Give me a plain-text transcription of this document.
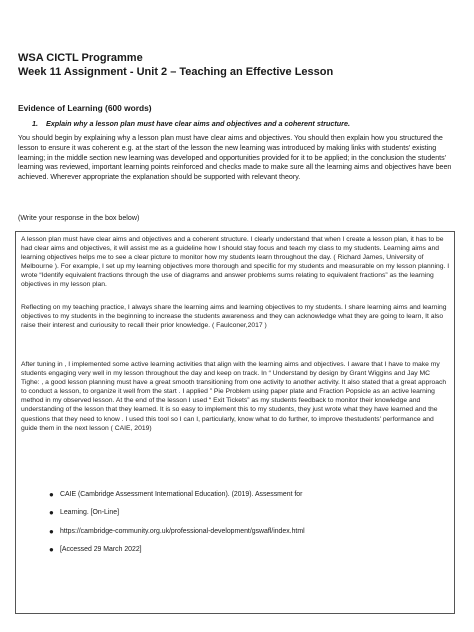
WSA CICTL Programme
Week 11 Assignment - Unit 2 – Teaching an Effective Lesson
Evidence of Learning (600 words)
1. Explain why a lesson plan must have clear aims and objectives and a coherent structure.
You should begin by explaining why a lesson plan must have clear aims and objectives. You should then explain how you structured the lesson to ensure it was coherent e.g. at the start of the lesson the new learning was introduced by making links with students' existing learning; in the middle section new learning was developed and opportunities provided for it to be applied; in the conclusion the students' learning was reviewed, important learning points reinforced and checks made to make sure all the learning aims and objectives have been achieved. Wherever appropriate the explanation should be supported with relevant theory.
(Write your response in the box below)
A lesson plan must have clear aims and objectives and a coherent structure. I clearly understand that when I create a lesson plan, it has to be had clear aims and objectives, it will assist me as a guideline how I should stay focus and teach my class to my students. Learning aims and learning objectives helps me to see a clear picture to monitor how my students learn throughout the day. ( Richard James, University of Melbourne ). For example, I set up my learning objectives more thorough and specific for my students and measurable on my lesson planning. I wrote “Identify equivalent fractions through the use of diagrams and answer problems sums relating to equivalent fractions” as the learning objectives in my lesson plan.
Reflecting on my teaching practice, I always share the learning aims and learning objectives to my students. I share learning aims and learning objectives to my students in the beginning to increase the students awareness and they can acknowledge what they are going to learn, It also raise their interest and curiousity to recall their prior knowledge. ( Faulconer,2017 )
After tuning in , I implemented some active learning activities that align with the learning aims and objectives. I aware that I have to make my students engaging very well in my lesson throughout the day and keep on track. In “ Understand by design by Grant Wiggins and Jay MC Tighe: , a good lesson planning must have a great smooth transitioning from one activity to another activity. It also stated that a great approach to conduct a lesson, to organize it well from the start . I applied ” Pie Problem using paper plate and Fraction Popsicle as an active learning method in my observed lesson. At the end of the lesson I used “ Exit Tickets” as my students feedback to monitor their knowledge and understanding of the lesson that they learned. It is so easy to implement this to my students, they just wrote what they have learned and the questions that they need to know . I used this tool so I can I, particularly, know what to do further, to improve thestudents' performance and guide them in the next lesson ( CAIE, 2019)
● CAIE (Cambridge Assessment International Education). (2019). Assessment for
● Learning. [On-Line]
● https://cambridge-community.org.uk/professional-development/gswafl/index.html
● [Accessed 29 March 2022]
